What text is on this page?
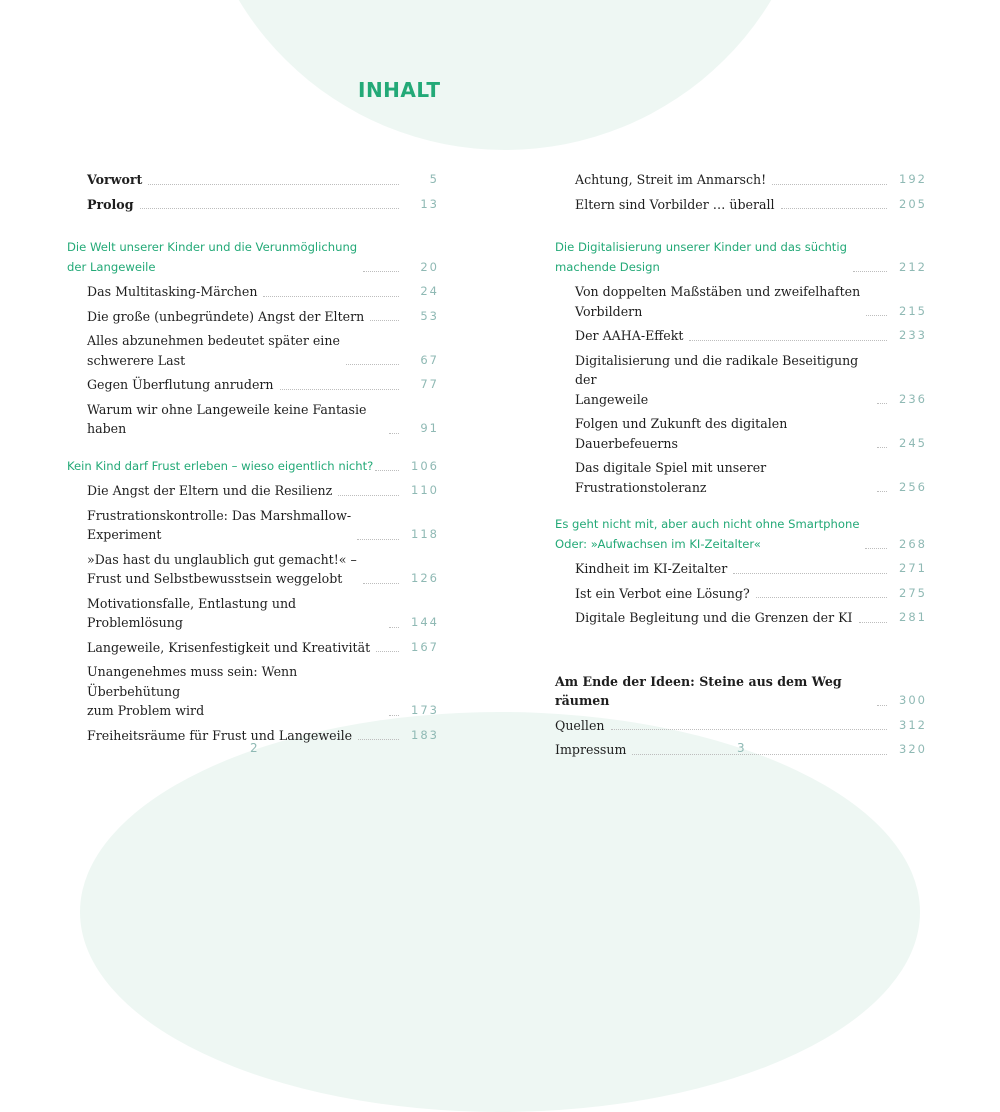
INHALT
Vorwort	5
Prolog	13
Die Welt unserer Kinder und die Verunmöglichung
der Langeweile	20
Das Multitasking-Märchen	24
Die große (unbegründete) Angst der Eltern	53
Alles abzunehmen bedeutet später eine
schwerere Last	67
Gegen Überflutung anrudern	77
Warum wir ohne Langeweile keine Fantasie haben	91
Kein Kind darf Frust erleben – wieso eigentlich nicht?	106
Die Angst der Eltern und die Resilienz	110
Frustrationskontrolle: Das Marshmallow-
Experiment	118
»Das hast du unglaublich gut gemacht!« –
Frust und Selbstbewusstsein weggelobt	126
Motivationsfalle, Entlastung und Problemlösung	144
Langeweile, Krisenfestigkeit und Kreativität	167
Unangenehmes muss sein: Wenn Überbehütung
zum Problem wird	173
Freiheitsräume für Frust und Langeweile	183
Achtung, Streit im Anmarsch!	192
Eltern sind Vorbilder … überall	205
Die Digitalisierung unserer Kinder und das süchtig
machende Design	212
Von doppelten Maßstäben und zweifelhaften
Vorbildern	215
Der AAHA-Effekt	233
Digitalisierung und die radikale Beseitigung der
Langeweile	236
Folgen und Zukunft des digitalen Dauerbefeuerns	245
Das digitale Spiel mit unserer Frustrationstoleranz	256
Es geht nicht mit, aber auch nicht ohne Smartphone
Oder: »Aufwachsen im KI-Zeitalter«	268
Kindheit im KI-Zeitalter	271
Ist ein Verbot eine Lösung?	275
Digitale Begleitung und die Grenzen der KI	281
Am Ende der Ideen: Steine aus dem Weg räumen	300
Quellen	312
Impressum	320
2	3
